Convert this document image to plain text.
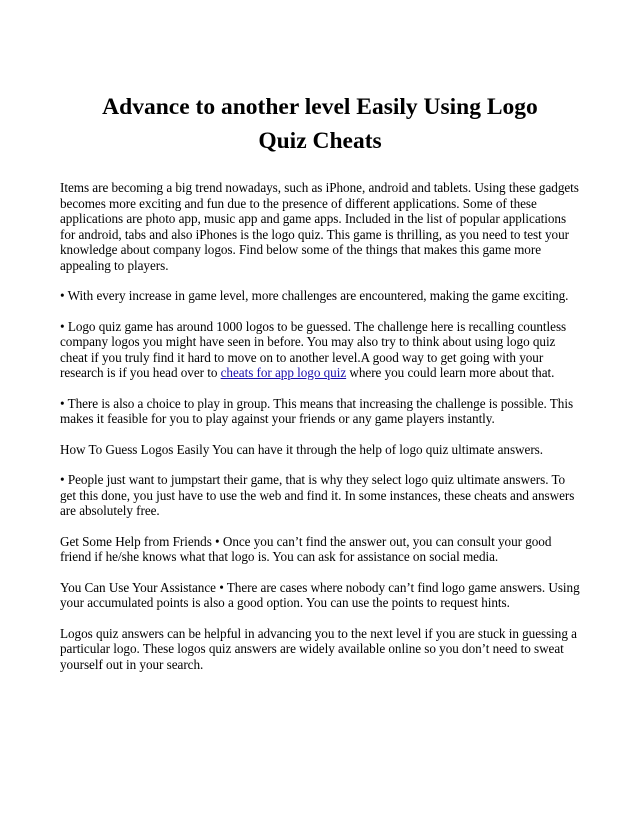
Advance to another level Easily Using Logo
Quiz Cheats

Items are becoming a big trend nowadays, such as iPhone, android and tablets. Using these gadgets becomes more exciting and fun due to the presence of different applications. Some of these applications are photo app, music app and game apps. Included in the list of popular applications for android, tabs and also iPhones is the logo quiz. This game is thrilling, as you need to test your knowledge about company logos. Find below some of the things that makes this game more appealing to players.

• With every increase in game level, more challenges are encountered, making the game exciting.

• Logo quiz game has around 1000 logos to be guessed. The challenge here is recalling countless company logos you might have seen in before. You may also try to think about using logo quiz cheat if you truly find it hard to move on to another level.A good way to get going with your research is if you head over to cheats for app logo quiz where you could learn more about that.

• There is also a choice to play in group. This means that increasing the challenge is possible. This makes it feasible for you to play against your friends or any game players instantly.

How To Guess Logos Easily You can have it through the help of logo quiz ultimate answers.

• People just want to jumpstart their game, that is why they select logo quiz ultimate answers. To get this done, you just have to use the web and find it. In some instances, these cheats and answers are absolutely free.

Get Some Help from Friends • Once you can’t find the answer out, you can consult your good friend if he/she knows what that logo is. You can ask for assistance on social media.

You Can Use Your Assistance • There are cases where nobody can’t find logo game answers. Using your accumulated points is also a good option. You can use the points to request hints.

Logos quiz answers can be helpful in advancing you to the next level if you are stuck in guessing a particular logo. These logos quiz answers are widely available online so you don’t need to sweat yourself out in your search.
